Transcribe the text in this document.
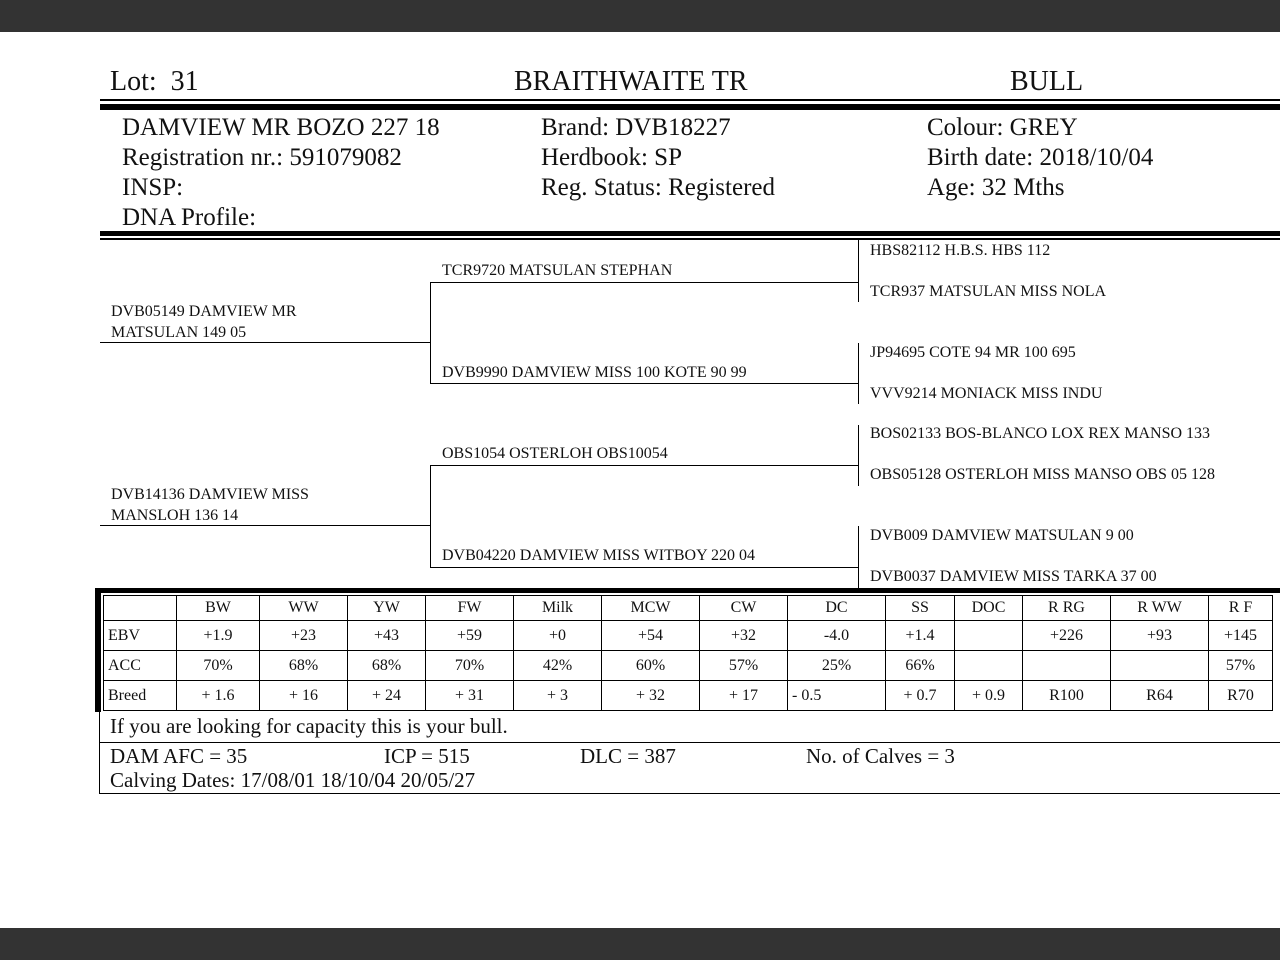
Lot: 31	BRAITHWAITE TR	BULL
DAMVIEW MR BOZO 227 18
Registration nr.: 591079082
INSP:
DNA Profile:
Brand: DVB18227
Herdbook: SP
Reg. Status: Registered
Colour: GREY
Birth date: 2018/10/04
Age: 32 Mths
DVB05149 DAMVIEW MR
MATSULAN 149 05
DVB14136 DAMVIEW MISS
MANSLOH 136 14
TCR9720 MATSULAN STEPHAN
DVB9990 DAMVIEW MISS 100 KOTE 90 99
OBS1054 OSTERLOH OBS10054
DVB04220 DAMVIEW MISS WITBOY 220 04
HBS82112 H.B.S. HBS 112
TCR937 MATSULAN MISS NOLA
JP94695 COTE 94 MR 100 695
VVV9214 MONIACK MISS INDU
BOS02133 BOS-BLANCO LOX REX MANSO 133
OBS05128 OSTERLOH MISS MANSO OBS 05 128
DVB009 DAMVIEW MATSULAN 9 00
DVB0037 DAMVIEW MISS TARKA 37 00
	BW	WW	YW	FW	Milk	MCW	CW	DC	SS	DOC	R RG	R WW	R F
EBV	+1.9	+23	+43	+59	+0	+54	+32	-4.0	+1.4		+226	+93	+145
ACC	70%	68%	68%	70%	42%	60%	57%	25%	66%				57%
Breed	+ 1.6	+ 16	+ 24	+ 31	+ 3	+ 32	+ 17	- 0.5	+ 0.7	+ 0.9	R100	R64	R70
If you are looking for capacity this is your bull.
DAM AFC = 35	ICP = 515	DLC = 387	No. of Calves = 3
Calving Dates: 17/08/01 18/10/04 20/05/27
